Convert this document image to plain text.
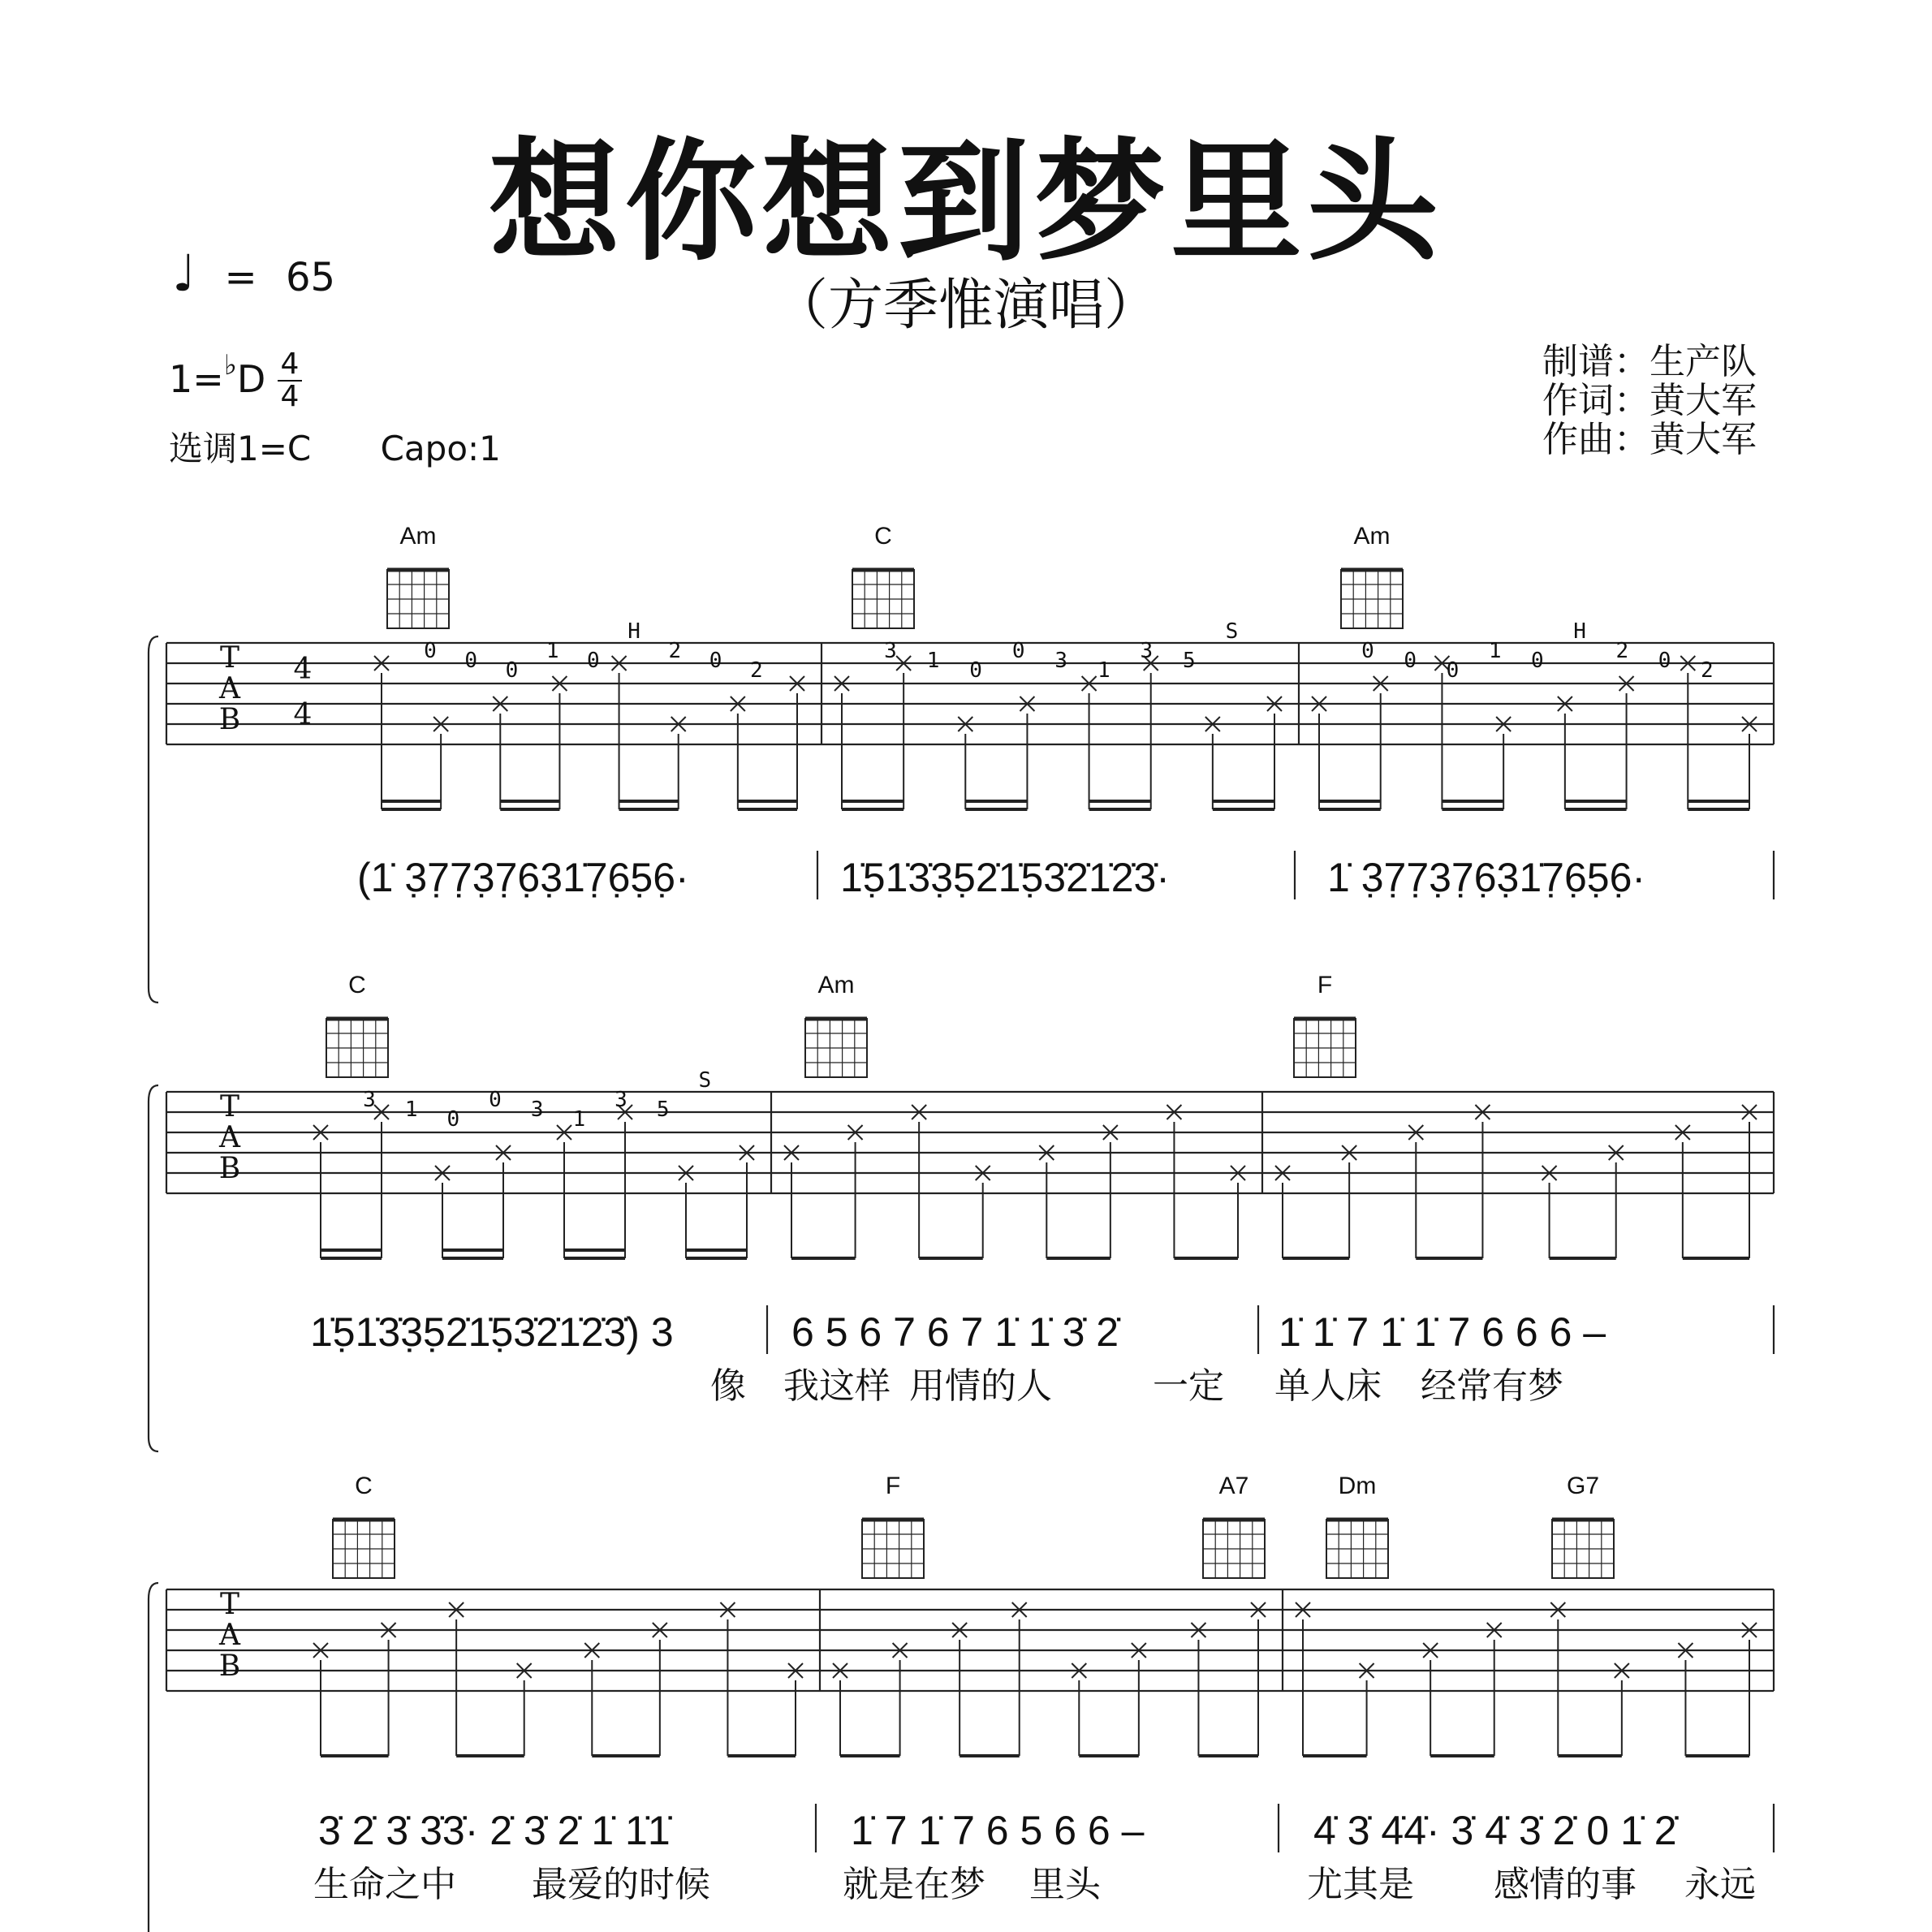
想你想到梦里头
（方季惟演唱）
♩ = 65
1=♭D 4
4
选调1=C Capo:1
制谱：生产队
作词：黄大军
作曲：黄大军
T
A
B
4
4
0 0 0
1 0
H
2 0 2
3 1 0
0 3 1
3 5
S
0 0 0
1 0
H
2 0 2
Am	C	Am
(1̇ 3̣7̣7̣3̣7̣6̣3̣1̇7̣6̣5̣6̣·	1̇5̣1̇3̇3̣5̣2̇1̇5̣3̇2̇1̇2̇3̇·	1̇ 3̣7̣7̣3̣7̣6̣3̣1̇7̣6̣5̣6̣·
T
A
B
3 1 0
0 3 1
3 5
S
C	Am	F
1̇5̣1̇3̇3̣5̣2̇1̇5̣3̇2̇1̇2̇3̇) 3	6 5 6 7 6 7 1̇ 1̇ 3̇ 2̇	1̇ 1̇ 7 1̇ 1̇ 7 6 6 6 –
像 我这样 用情的人	一定 单人床 经常有梦
T
A
B
C	F	A7	Dm	G7
3̇ 2̇ 3̇ 3̇3̇· 2̇ 3̇ 2̇ 1̇ 1̇1̇	1̇ 7 1̇ 7 6 5 6 6 –	4̇ 3̇ 4̇4̇· 3̇ 4̇ 3̇ 2̇ 0 1̇ 2̇
生命之中 最爱的时候	就是在梦 里头	尤其是 感情的事 永远
